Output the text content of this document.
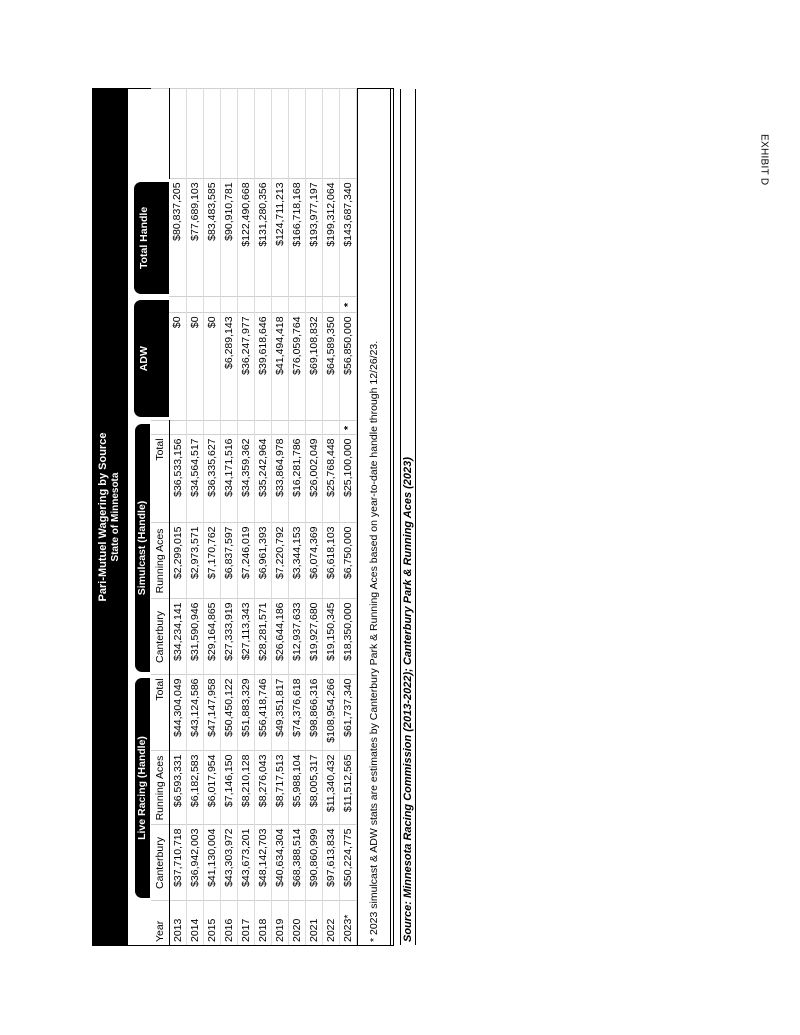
EXHIBIT D
Pari-Mutuel Wagering by Source State of Minnesota

	Live Racing (Handle)			Simulcast (Handle)				ADW		Total Handle	

Year	Canterbury	Running Aces	Total	Canterbury	Running Aces	Total					
2013	$37,710,718	$6,593,331	$44,304,049	$34,234,141	$2,299,015	$36,533,156		$0		$80,837,205	
2014	$36,942,003	$6,182,583	$43,124,586	$31,590,946	$2,973,571	$34,564,517		$0		$77,689,103	
2015	$41,130,004	$6,017,954	$47,147,958	$29,164,865	$7,170,762	$36,335,627		$0		$83,483,585	
2016	$43,303,972	$7,146,150	$50,450,122	$27,333,919	$6,837,597	$34,171,516		$6,289,143		$90,910,781	
2017	$43,673,201	$8,210,128	$51,883,329	$27,113,343	$7,246,019	$34,359,362		$36,247,977		$122,490,668	
2018	$48,142,703	$8,276,043	$56,418,746	$28,281,571	$6,961,393	$35,242,964		$39,618,646		$131,280,356	
2019	$40,634,304	$8,717,513	$49,351,817	$26,644,186	$7,220,792	$33,864,978		$41,494,418		$124,711,213	
2020	$68,388,514	$5,988,104	$74,376,618	$12,937,633	$3,344,153	$16,281,786		$76,059,764		$166,718,168	
2021	$90,860,999	$8,005,317	$98,866,316	$19,927,680	$6,074,369	$26,002,049		$69,108,832		$193,977,197	
2022	$97,613,834	$11,340,432	$108,954,266	$19,150,345	$6,618,103	$25,768,448		$64,589,350		$199,312,064	
2023*	$50,224,775	$11,512,565	$61,737,340	$18,350,000	$6,750,000	$25,100,000	*	$56,850,000	*	$143,687,340	
* 2023 simulcast & ADW stats are estimates by Canterbury Park & Running Aces based on year-to-date handle through 12/26/23.	Source: Minnesota Racing Commission (2013-2022); Canterbury Park & Running Aces (2023)
